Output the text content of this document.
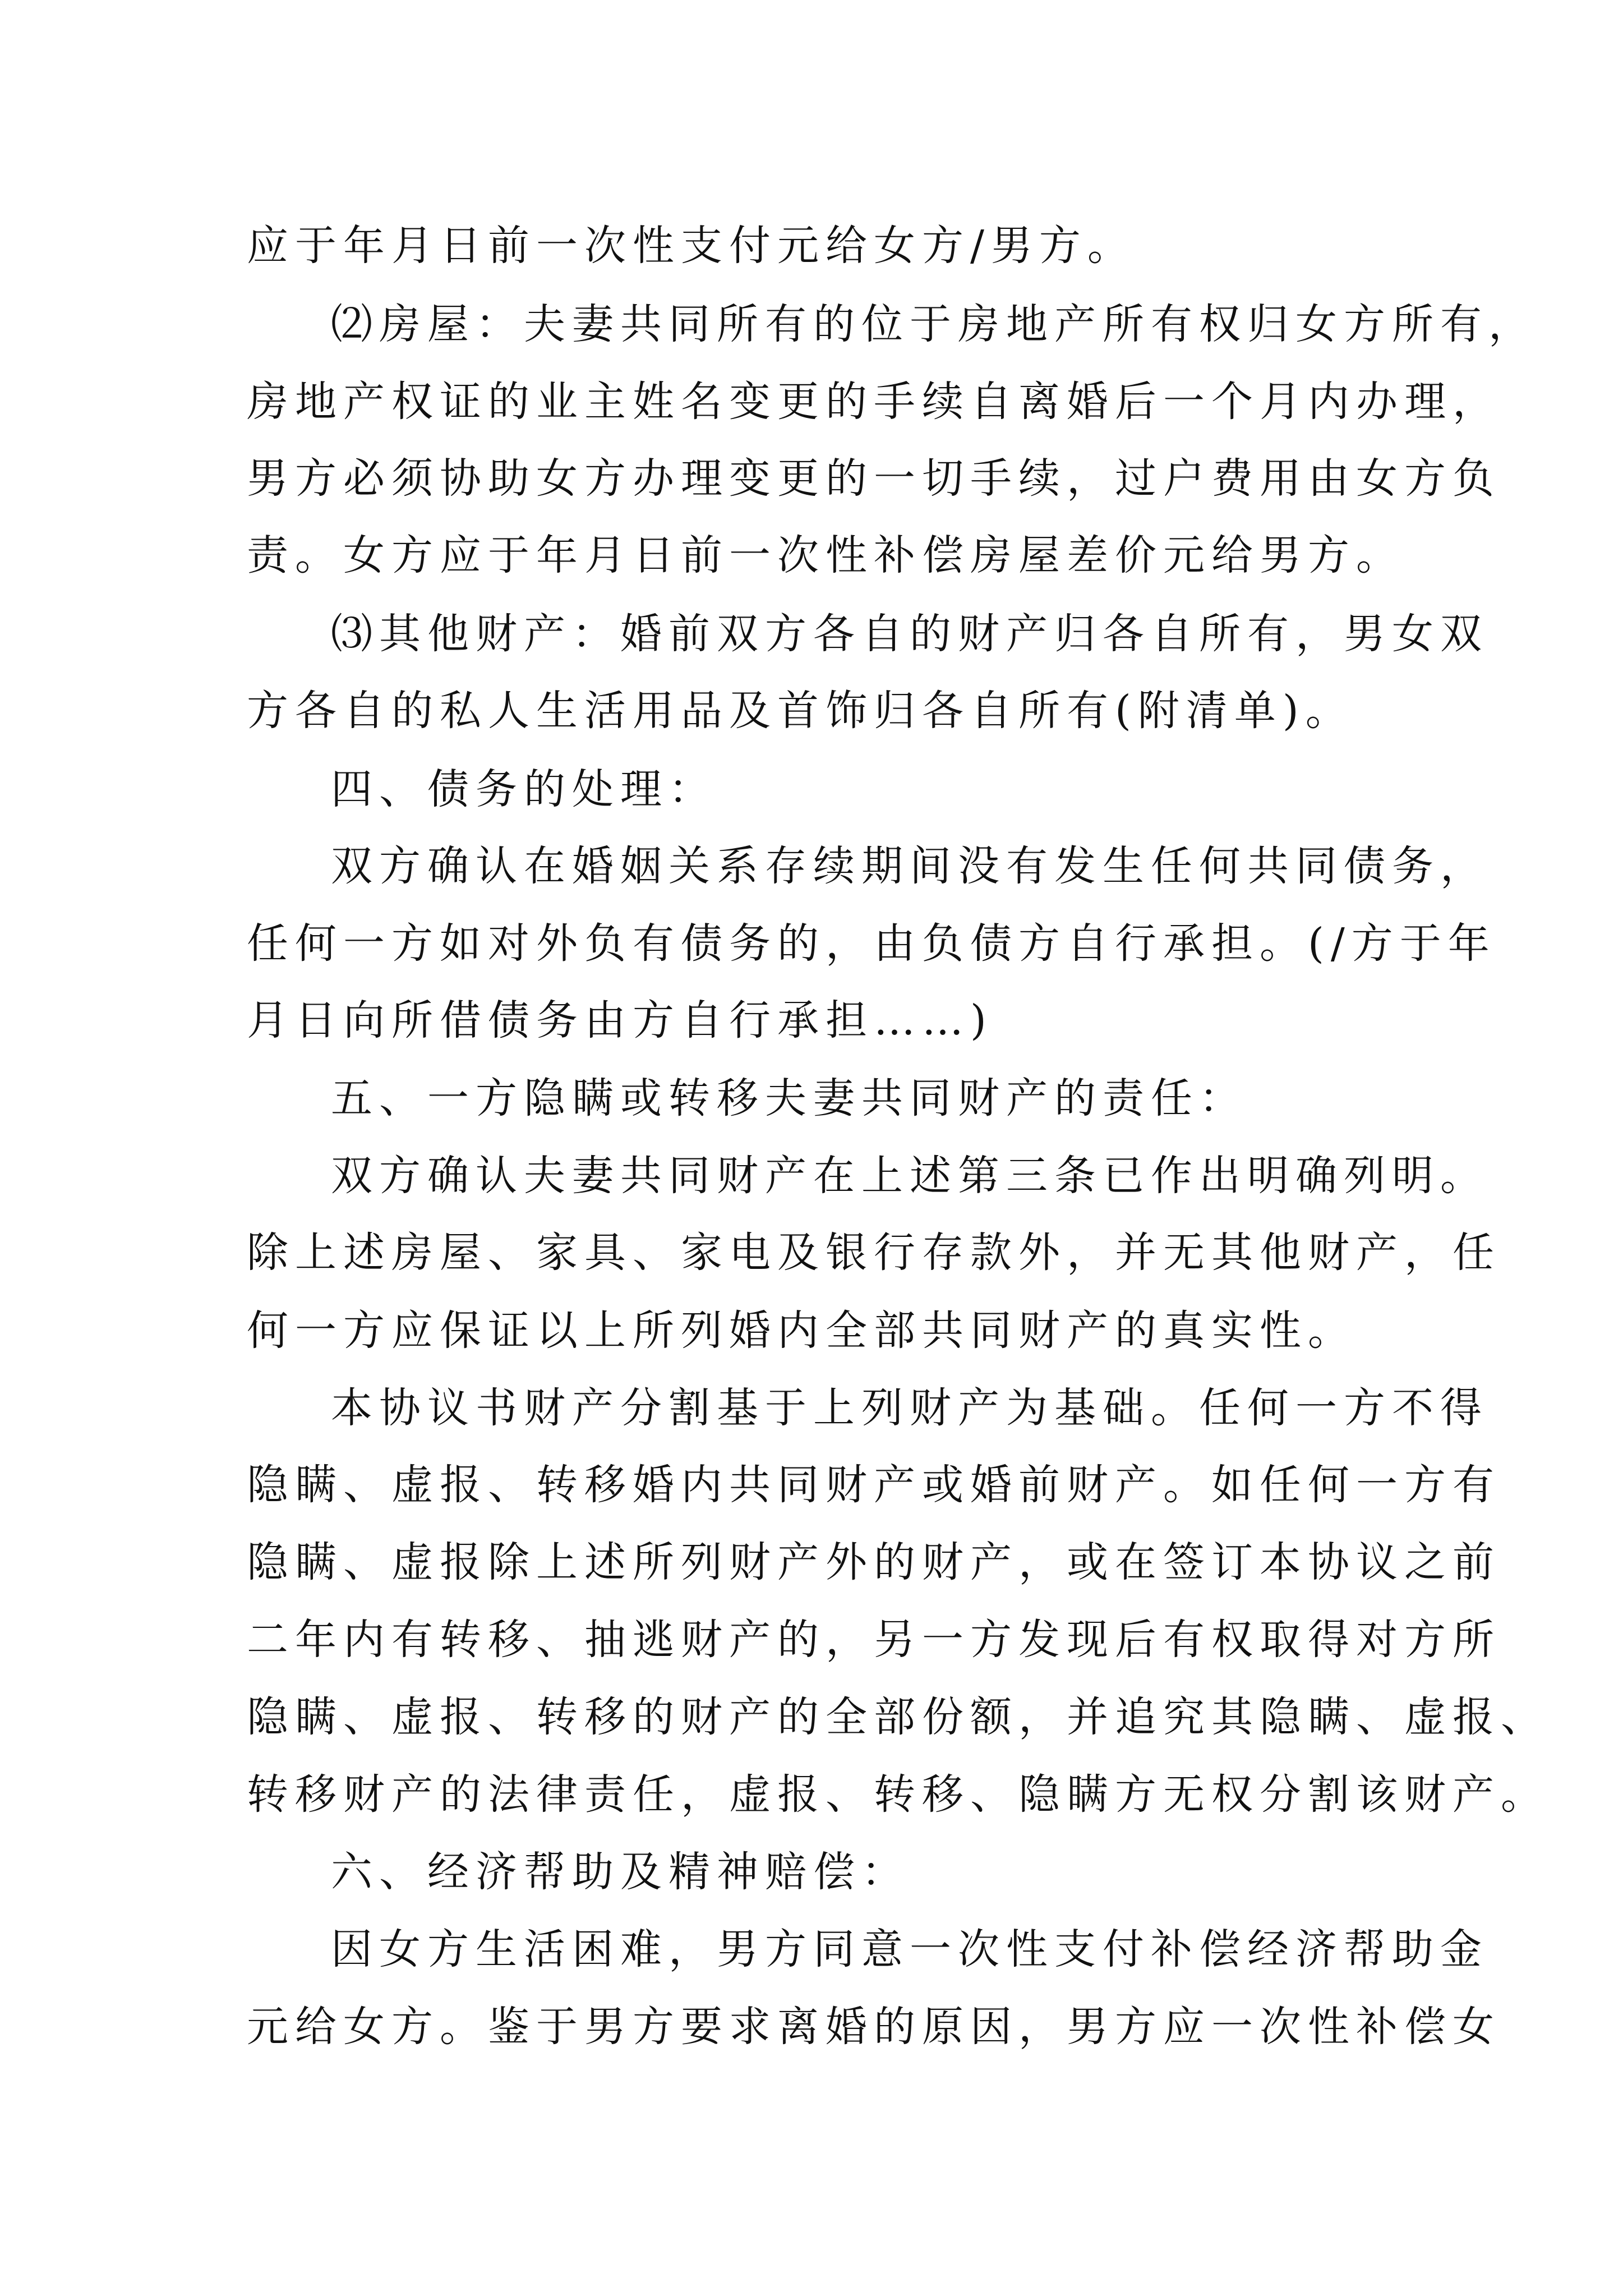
应于年月日前一次性支付元给女方/男方。

⑵房屋：夫妻共同所有的位于房地产所有权归女方所有，

房地产权证的业主姓名变更的手续自离婚后一个月内办理，

男方必须协助女方办理变更的一切手续，过户费用由女方负

责。女方应于年月日前一次性补偿房屋差价元给男方。

⑶其他财产：婚前双方各自的财产归各自所有，男女双

方各自的私人生活用品及首饰归各自所有(附清单)。

四、债务的处理：

双方确认在婚姻关系存续期间没有发生任何共同债务，

任何一方如对外负有债务的，由负债方自行承担。(/方于年

月日向所借债务由方自行承担……)

五、一方隐瞒或转移夫妻共同财产的责任：

双方确认夫妻共同财产在上述第三条已作出明确列明。

除上述房屋、家具、家电及银行存款外，并无其他财产，任

何一方应保证以上所列婚内全部共同财产的真实性。

本协议书财产分割基于上列财产为基础。任何一方不得

隐瞒、虚报、转移婚内共同财产或婚前财产。如任何一方有

隐瞒、虚报除上述所列财产外的财产，或在签订本协议之前

二年内有转移、抽逃财产的，另一方发现后有权取得对方所

隐瞒、虚报、转移的财产的全部份额，并追究其隐瞒、虚报、

转移财产的法律责任，虚报、转移、隐瞒方无权分割该财产。

六、经济帮助及精神赔偿：

因女方生活困难，男方同意一次性支付补偿经济帮助金

元给女方。鉴于男方要求离婚的原因，男方应一次性补偿女
